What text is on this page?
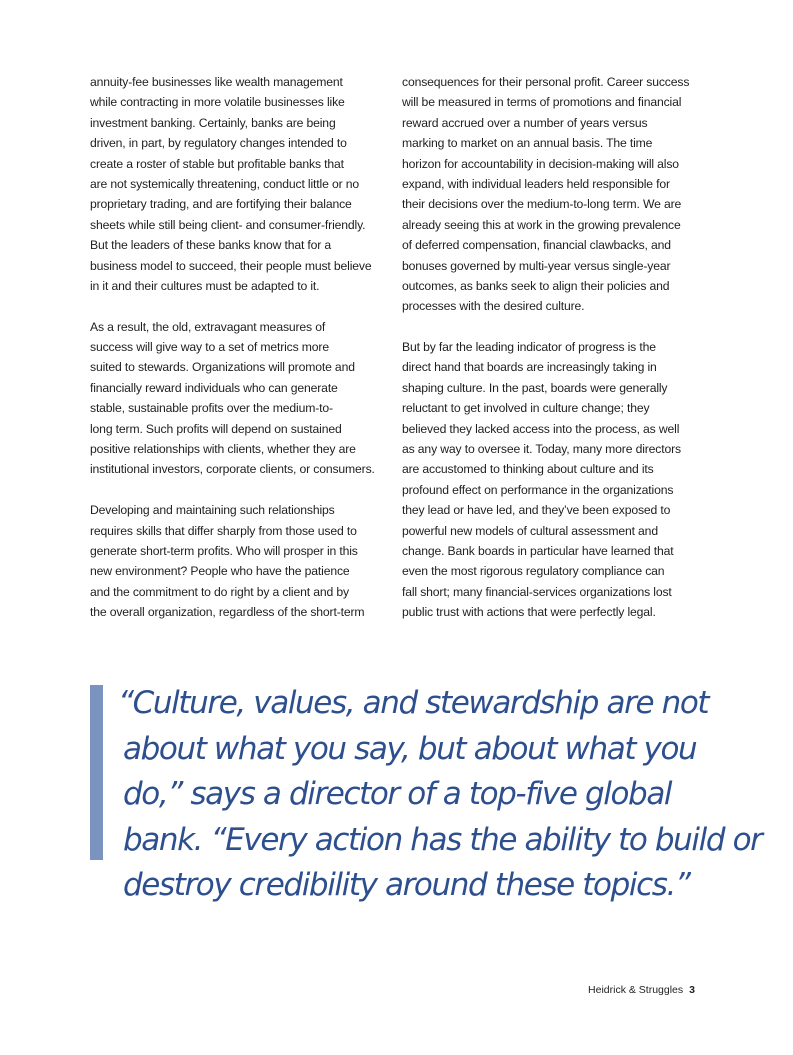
annuity-fee businesses like wealth management
while contracting in more volatile businesses like
investment banking. Certainly, banks are being
driven, in part, by regulatory changes intended to
create a roster of stable but profitable banks that
are not systemically threatening, conduct little or no
proprietary trading, and are fortifying their balance
sheets while still being client- and consumer-friendly.
But the leaders of these banks know that for a
business model to succeed, their people must believe
in it and their cultures must be adapted to it.
As a result, the old, extravagant measures of
success will give way to a set of metrics more
suited to stewards. Organizations will promote and
financially reward individuals who can generate
stable, sustainable profits over the medium-to-
long term. Such profits will depend on sustained
positive relationships with clients, whether they are
institutional investors, corporate clients, or consumers.
Developing and maintaining such relationships
requires skills that differ sharply from those used to
generate short-term profits. Who will prosper in this
new environment? People who have the patience
and the commitment to do right by a client and by
the overall organization, regardless of the short-term
consequences for their personal profit. Career success
will be measured in terms of promotions and financial
reward accrued over a number of years versus
marking to market on an annual basis. The time
horizon for accountability in decision-making will also
expand, with individual leaders held responsible for
their decisions over the medium-to-long term. We are
already seeing this at work in the growing prevalence
of deferred compensation, financial clawbacks, and
bonuses governed by multi-year versus single-year
outcomes, as banks seek to align their policies and
processes with the desired culture.
But by far the leading indicator of progress is the
direct hand that boards are increasingly taking in
shaping culture. In the past, boards were generally
reluctant to get involved in culture change; they
believed they lacked access into the process, as well
as any way to oversee it. Today, many more directors
are accustomed to thinking about culture and its
profound effect on performance in the organizations
they lead or have led, and they’ve been exposed to
powerful new models of cultural assessment and
change. Bank boards in particular have learned that
even the most rigorous regulatory compliance can
fall short; many financial-services organizations lost
public trust with actions that were perfectly legal.
“Culture, values, and stewardship are not
about what you say, but about what you
do,” says a director of a top-five global
bank. “Every action has the ability to build or
destroy credibility around these topics.”
Heidrick & Struggles 3
